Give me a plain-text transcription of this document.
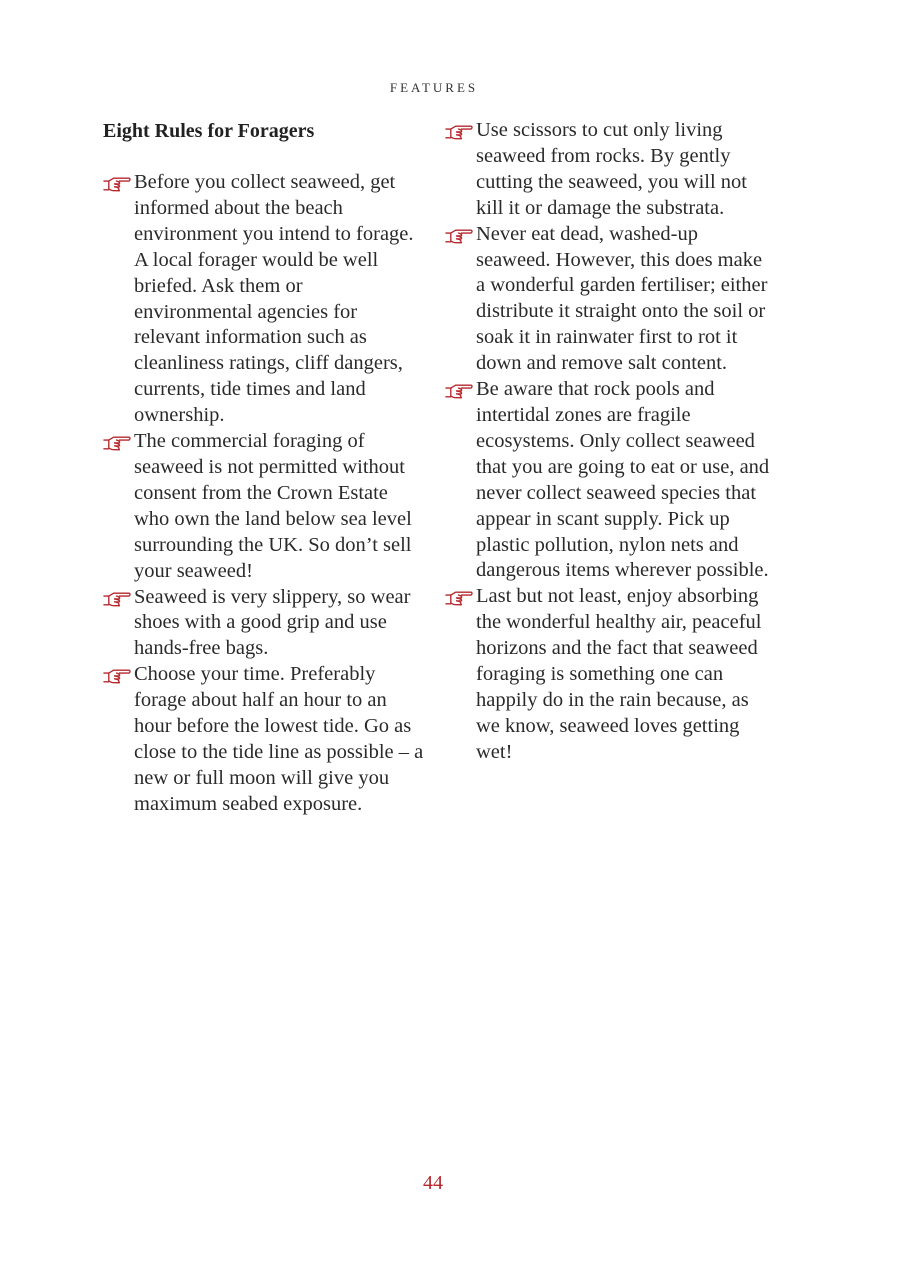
FEATURES
Eight Rules for Foragers
Before you collect seaweed, get informed about the beach environment you intend to forage. A local forager would be well briefed. Ask them or environmental agencies for relevant information such as cleanliness ratings, cliff dangers, currents, tide times and land ownership.
The commercial foraging of seaweed is not permitted without consent from the Crown Estate who own the land below sea level surrounding the UK. So don’t sell your seaweed!
Seaweed is very slippery, so wear shoes with a good grip and use hands-free bags.
Choose your time. Preferably forage about half an hour to an hour before the lowest tide. Go as close to the tide line as possible – a new or full moon will give you maximum seabed exposure.
Use scissors to cut only living seaweed from rocks. By gently cutting the seaweed, you will not kill it or damage the substrata.
Never eat dead, washed-up seaweed. However, this does make a wonderful garden fertiliser; either distribute it straight onto the soil or soak it in rainwater first to rot it down and remove salt content.
Be aware that rock pools and intertidal zones are fragile ecosystems. Only collect seaweed that you are going to eat or use, and never collect seaweed species that appear in scant supply. Pick up plastic pollution, nylon nets and dangerous items wherever possible.
Last but not least, enjoy absorbing the wonderful healthy air, peaceful horizons and the fact that seaweed foraging is something one can happily do in the rain because, as we know, seaweed loves getting wet!
44
